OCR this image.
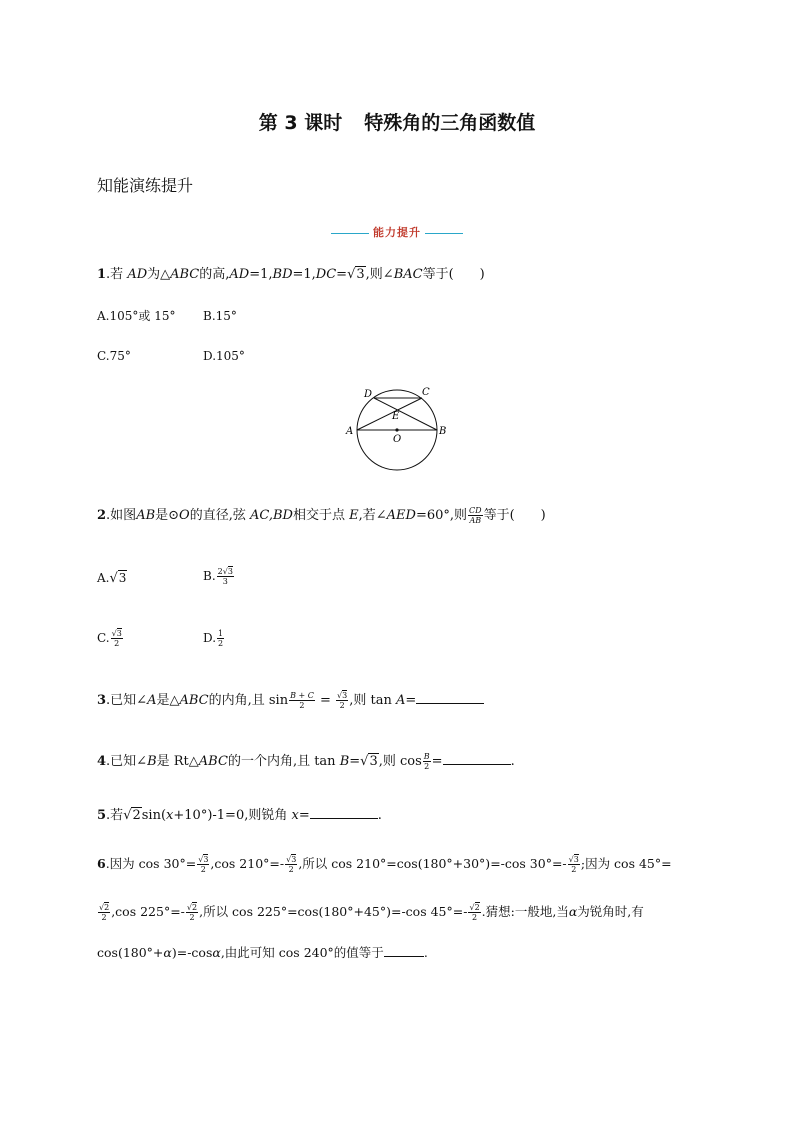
第 3 课时 特殊角的三角函数值
知能演练提升
能力提升
1.若 AD为△ABC的高,AD=1,BD=1,DC=√3,则∠BAC等于(　　)
A.105°或 15° B.15°
C.75°	D.105°
D	C
E
A
O
B
2.如图AB是⊙O的直径,弦 AC,BD相交于点 E,若∠AED=60°,则 $\frac{CD}{AB}$ 等于(　　)
A.√3	B. $\frac{2√3}{3}$
C. $\frac{√3}{2}$	D. $\frac{1}{2}$
3.已知∠A是△ABC的内角,且 $\sin \frac{B + C}{2} = \frac{√3}{2}$ ,则 tan A=
4.已知∠B是 Rt△ABC的一个内角,且 tan B=√3,则 $\cos \frac{B}{2}$ =	.
5.若√2sin(x+10°)-1=0,则锐角 x=	.
6.因为 $\cos 30^\circ= \frac{√3}{2} ,\cos$ $210^\circ=- \frac{√3}{2}$ ,所以 cos 210°=cos(180°+30°)=-cos $30^\circ=- \frac{√3}{2}$ ;因为 cos 45°=
$\frac{√2}{2} ,\cos$ $225^\circ=- \frac{√2}{2}$ ,所以 cos 225°=cos(180°+45°)=-cos $45^\circ=- \frac{√2}{2}$ .猜想:一般地,当α为锐角时,有
cos(180°+α)=-cosα,由此可知 cos 240°的值等于	.
